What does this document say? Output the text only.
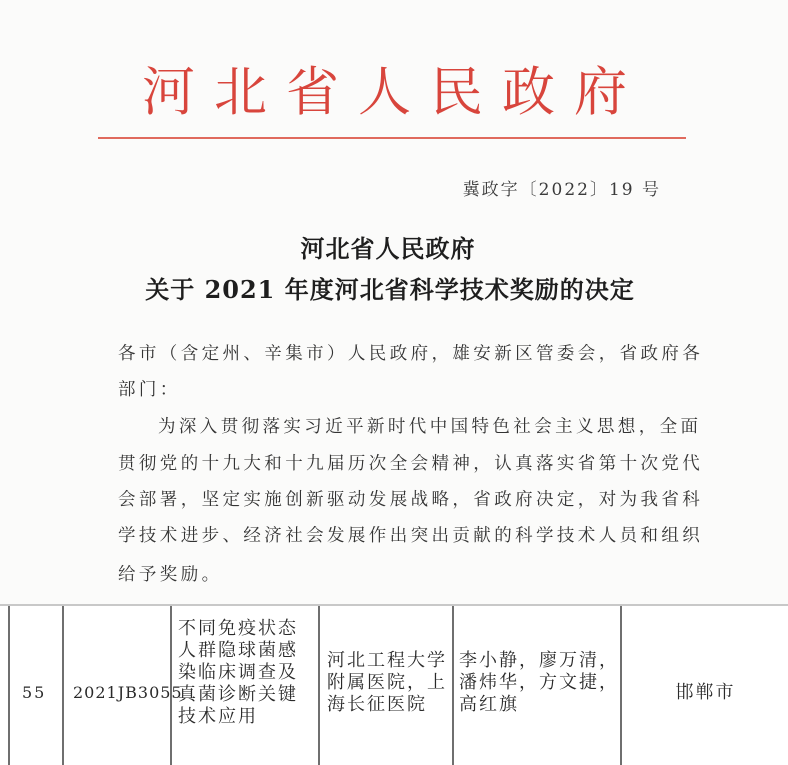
河北省人民政府
冀政字〔2022〕19 号
河北省人民政府
关于 2021 年度河北省科学技术奖励的决定
各市（含定州、辛集市）人民政府，雄安新区管委会，省政府各
部门：
为深入贯彻落实习近平新时代中国特色社会主义思想，全面
贯彻党的十九大和十九届历次全会精神，认真落实省第十次党代
会部署，坚定实施创新驱动发展战略，省政府决定，对为我省科
学技术进步、经济社会发展作出突出贡献的科学技术人员和组织
给予奖励。
55 2021JB3055
不同免疫状态
人群隐球菌感
染临床调查及
真菌诊断关键
技术应用
河北工程大学
附属医院，上
海长征医院
李小静，廖万清，
潘炜华，方文捷，
高红旗
邯郸市
